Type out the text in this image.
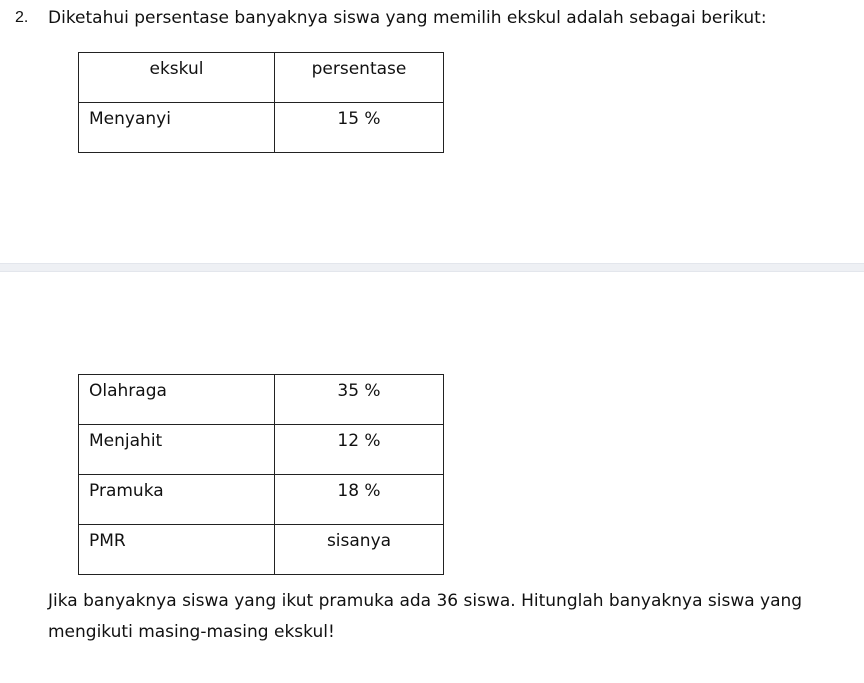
2. Diketahui persentase banyaknya siswa yang memilih ekskul adalah sebagai berikut:
ekskul	persentase

Menyanyi	15 %
Olahraga	35 %

Menjahit	12 %

Pramuka	18 %

PMR	sisanya
Jika banyaknya siswa yang ikut pramuka ada 36 siswa. Hitunglah banyaknya siswa yang
mengikuti masing-masing ekskul!
